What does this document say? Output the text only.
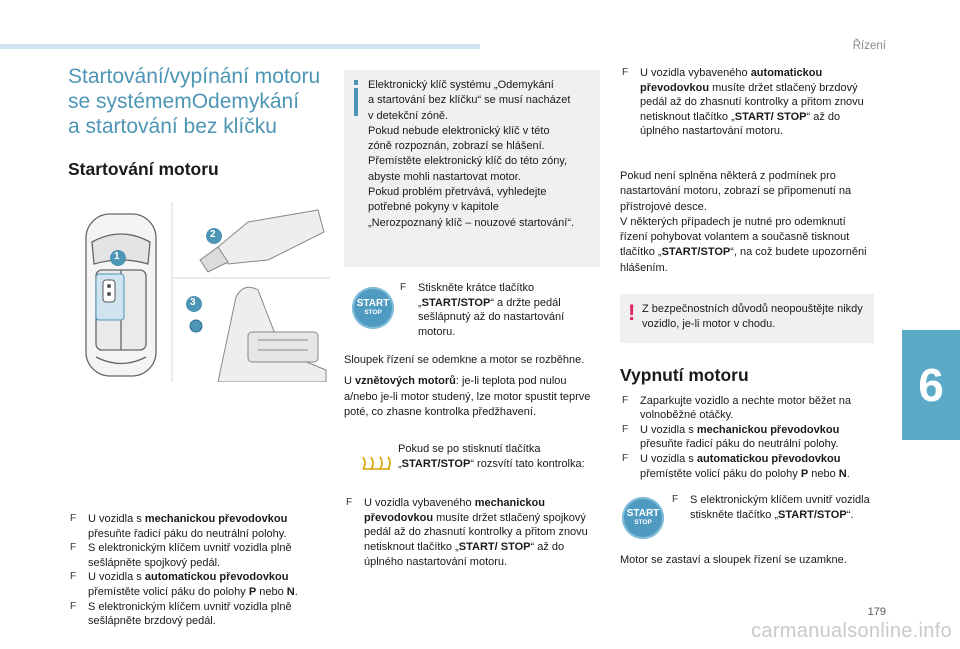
Řízení
6
179
carmanualsonline.info
Startování/vypínání motoru
se systémemOdemykání
a startování bez klíčku
Startování motoru
1
2
3
F U vozidla s mechanickou převodovkou přesuňte řadicí páku do neutrální polohy.
F S elektronickým klíčem uvnitř vozidla plně sešlápněte spojkový pedál.
F U vozidla s automatickou převodovkou přemístěte volicí páku do polohy P nebo N.
F S elektronickým klíčem uvnitř vozidla plně sešlápněte brzdový pedál.
Elektronický klíč systému „Odemykání
a startování bez klíčku“ se musí nacházet
v detekční zóně.
Pokud nebude elektronický klíč v této
zóně rozpoznán, zobrazí se hlášení.
Přemístěte elektronický klíč do této zóny,
abyste mohli nastartovat motor.
Pokud problém přetrvává, vyhledejte
potřebné pokyny v kapitole
„Nerozpoznaný klíč – nouzové startování“.
START
STOP
F Stiskněte krátce tlačítko „START/STOP“ a držte pedál sešlápnutý až do nastartování motoru.

Sloupek řízení se odemkne a motor se rozběhne.

U vznětových motorů: je-li teplota pod nulou a/nebo je-li motor studený, lze motor spustit teprve poté, co zhasne kontrolka předžhavení.

Pokud se po stisknutí tlačítka „START/STOP“ rozsvítí tato kontrolka:

F U vozidla vybaveného mechanickou převodovkou musíte držet stlačený spojkový pedál až do zhasnutí kontrolky a přitom znovu netisknout tlačítko „START/ STOP“ až do úplného nastartování motoru.
F U vozidla vybaveného automatickou převodovkou musíte držet stlačený brzdový pedál až do zhasnutí kontrolky a přitom znovu netisknout tlačítko „START/ STOP“ až do úplného nastartování motoru.

Pokud není splněna některá z podmínek pro nastartování motoru, zobrazí se připomenutí na přístrojové desce.

V některých případech je nutné pro odemknutí řízení pohybovat volantem a současně tisknout tlačítko „START/STOP“, na což budete upozorněni hlášením.

! Z bezpečnostních důvodů neopouštějte nikdy vozidlo, je-li motor v chodu.

Vypnutí motoru
F Zaparkujte vozidlo a nechte motor běžet na volnoběžné otáčky.
F U vozidla s mechanickou převodovkou přesuňte řadicí páku do neutrální polohy.
F U vozidla s automatickou převodovkou přemístěte volicí páku do polohy P nebo N.
START
STOP
F S elektronickým klíčem uvnitř vozidla stiskněte tlačítko „START/STOP“.

Motor se zastaví a sloupek řízení se uzamkne.
